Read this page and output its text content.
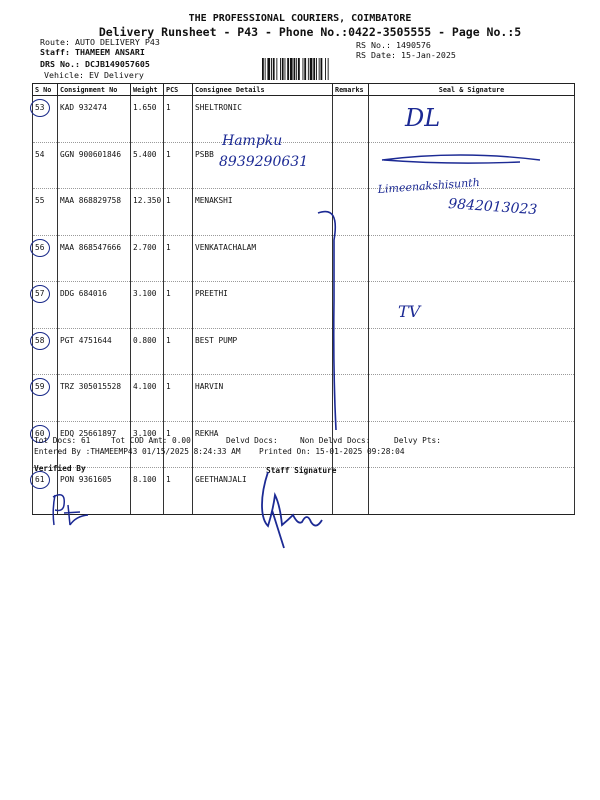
THE PROFESSIONAL COURIERS, COIMBATORE
Delivery Runsheet - P43 - Phone No.:0422-3505555 - Page No.:5
Route: AUTO DELIVERY P43
Staff: THAMEEM ANSARI
DRS No.: DCJB149057605
Vehicle: EV Delivery
RS No.: 1490576
RS Date: 15-Jan-2025
S No	Consignment No	Weight	PCS	Consignee Details	Remarks	Seal & Signature

53	KAD 932474	1.650	1	SHELTRONIC		
54	GGN 900601846	5.400	1	PSBB		
55	MAA 868829758	12.350	1	MENAKSHI		

56	MAA 868547666	2.700	1	VENKATACHALAM		

57	DDG 684016	3.100	1	PREETHI		

58	PGT 4751644	0.800	1	BEST PUMP		

59	TRZ 305015528	4.100	1	HARVIN		

60	EDQ 25661897	3.100	1	REKHA		

61	PON 9361605	8.100	1	GEETHANJALI		
Tot Docs: 61	Tot COD Amt: 0.00	Delvd Docs:	Non Delvd Docs:	Delvy Pts:
Entered By :THAMEEMP43 01/15/2025 8:24:33 AM Printed On: 15-01-2025 09:28:04
Verified By	Staff Signature
DL
Hampku
8939290631
Limeenakshisunth
9842013023
TV
